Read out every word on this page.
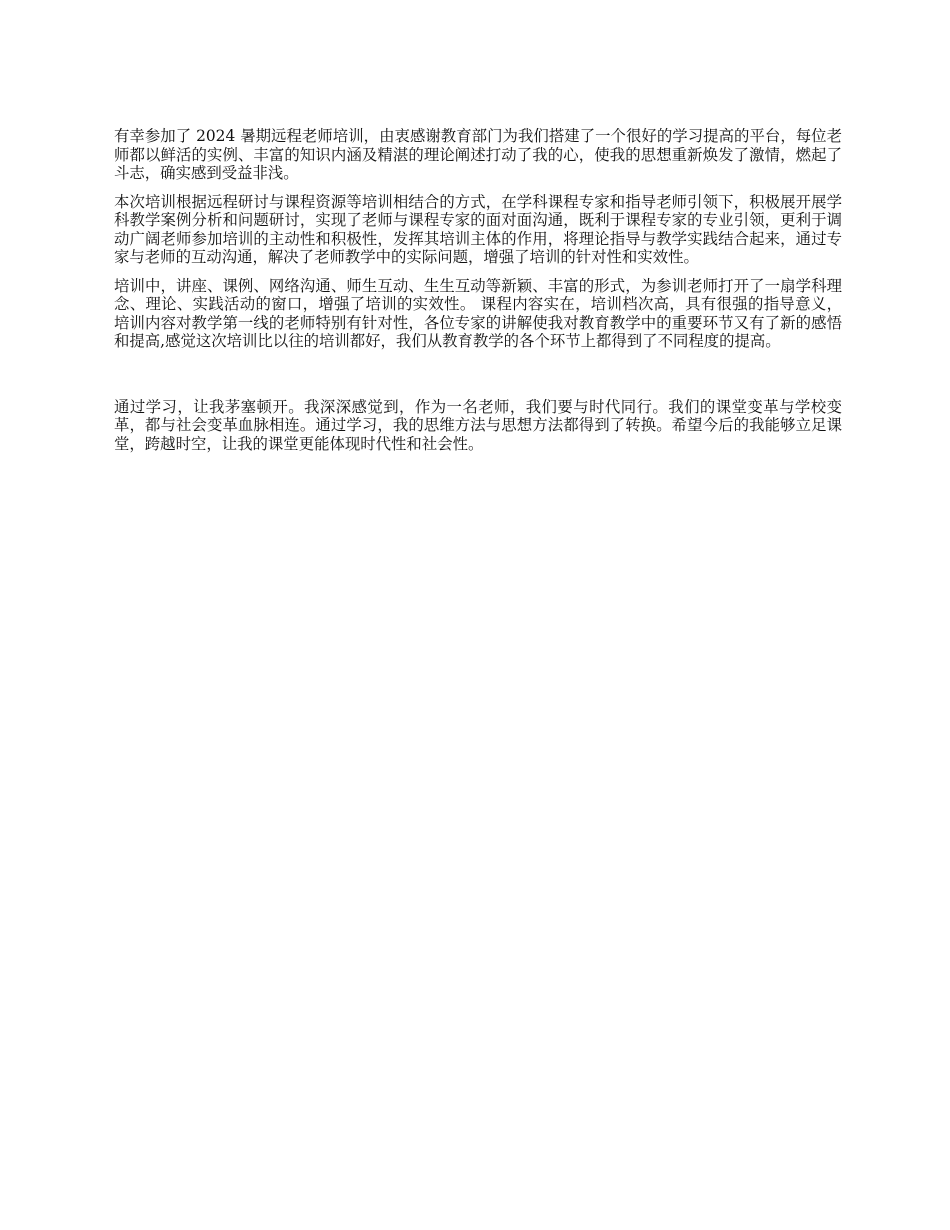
有幸参加了 2024 暑期远程老师培训，由衷感谢教育部门为我们搭建了一个很好的学习提高的平台，每位老师都以鲜活的实例、丰富的知识内涵及精湛的理论阐述打动了我的心，使我的思想重新焕发了激情，燃起了斗志，确实感到受益非浅。

本次培训根据远程研讨与课程资源等培训相结合的方式，在学科课程专家和指导老师引领下，积极展开展学科教学案例分析和问题研讨，实现了老师与课程专家的面对面沟通，既利于课程专家的专业引领，更利于调动广阔老师参加培训的主动性和积极性，发挥其培训主体的作用，将理论指导与教学实践结合起来，通过专家与老师的互动沟通，解决了老师教学中的实际问题，增强了培训的针对性和实效性。

培训中，讲座、课例、网络沟通、师生互动、生生互动等新颖、丰富的形式，为参训老师打开了一扇学科理念、理论、实践活动的窗口，增强了培训的实效性。 课程内容实在，培训档次高，具有很强的指导意义，培训内容对教学第一线的老师特别有针对性，各位专家的讲解使我对教育教学中的重要环节又有了新的感悟和提高,感觉这次培训比以往的培训都好，我们从教育教学的各个环节上都得到了不同程度的提高。

通过学习，让我茅塞顿开。我深深感觉到，作为一名老师，我们要与时代同行。我们的课堂变革与学校变革，都与社会变革血脉相连。通过学习，我的思维方法与思想方法都得到了转换。希望今后的我能够立足课堂，跨越时空，让我的课堂更能体现时代性和社会性。
